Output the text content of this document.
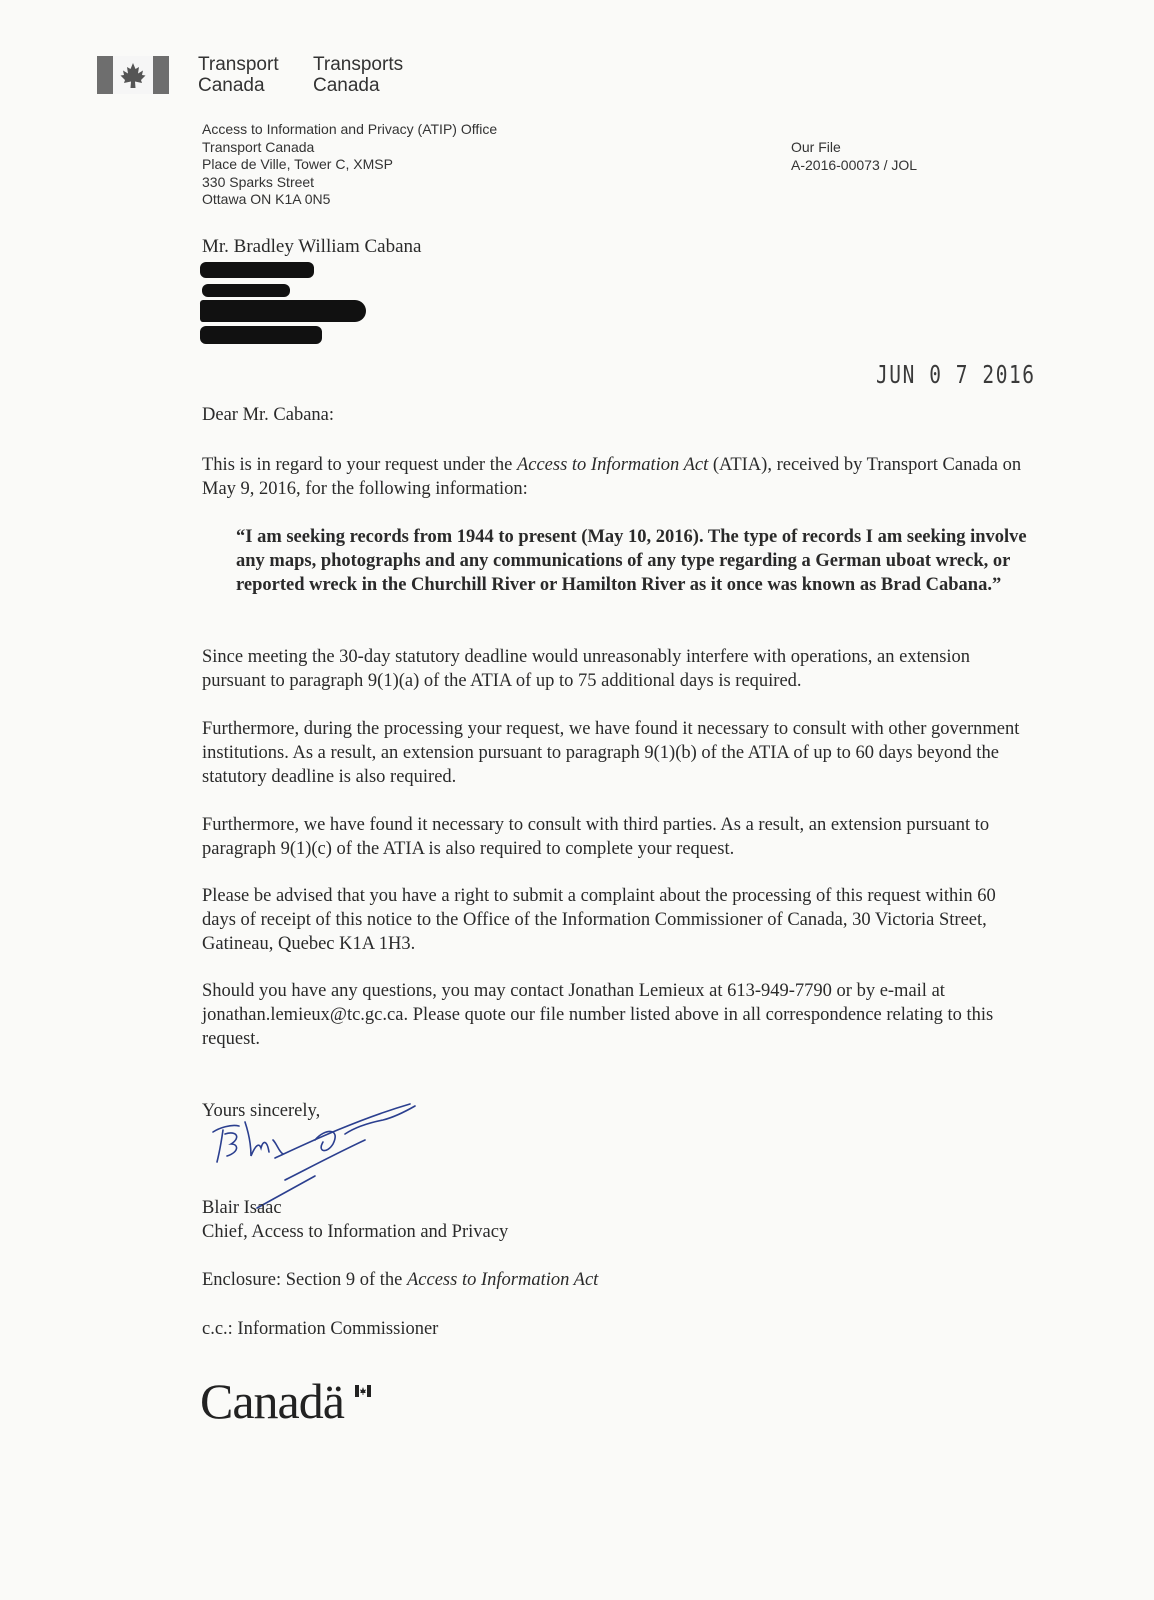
Transport
Canada
Transports
Canada
Access to Information and Privacy (ATIP) Office
Transport Canada
Place de Ville, Tower C, XMSP
330 Sparks Street
Ottawa ON K1A 0N5
Our File
A-2016-00073 / JOL
Mr. Bradley William Cabana
JUN 0 7 2016
Dear Mr. Cabana:
This is in regard to your request under the Access to Information Act (ATIA), received by Transport Canada on May 9, 2016, for the following information:
“I am seeking records from 1944 to present (May 10, 2016). The type of records I am seeking involve any maps, photographs and any communications of any type regarding a German uboat wreck, or reported wreck in the Churchill River or Hamilton River as it once was known as Brad Cabana.”
Since meeting the 30-day statutory deadline would unreasonably interfere with operations, an extension pursuant to paragraph 9(1)(a) of the ATIA of up to 75 additional days is required.
Furthermore, during the processing your request, we have found it necessary to consult with other government institutions. As a result, an extension pursuant to paragraph 9(1)(b) of the ATIA of up to 60 days beyond the statutory deadline is also required.
Furthermore, we have found it necessary to consult with third parties. As a result, an extension pursuant to paragraph 9(1)(c) of the ATIA is also required to complete your request.
Please be advised that you have a right to submit a complaint about the processing of this request within 60 days of receipt of this notice to the Office of the Information Commissioner of Canada, 30 Victoria Street, Gatineau, Quebec K1A 1H3.
Should you have any questions, you may contact Jonathan Lemieux at 613-949-7790 or by e-mail at jonathan.lemieux@tc.gc.ca. Please quote our file number listed above in all correspondence relating to this request.
Yours sincerely,
Blair Isaac
Chief, Access to Information and Privacy
Enclosure: Section 9 of the Access to Information Act
c.c.: Information Commissioner
Canadä
